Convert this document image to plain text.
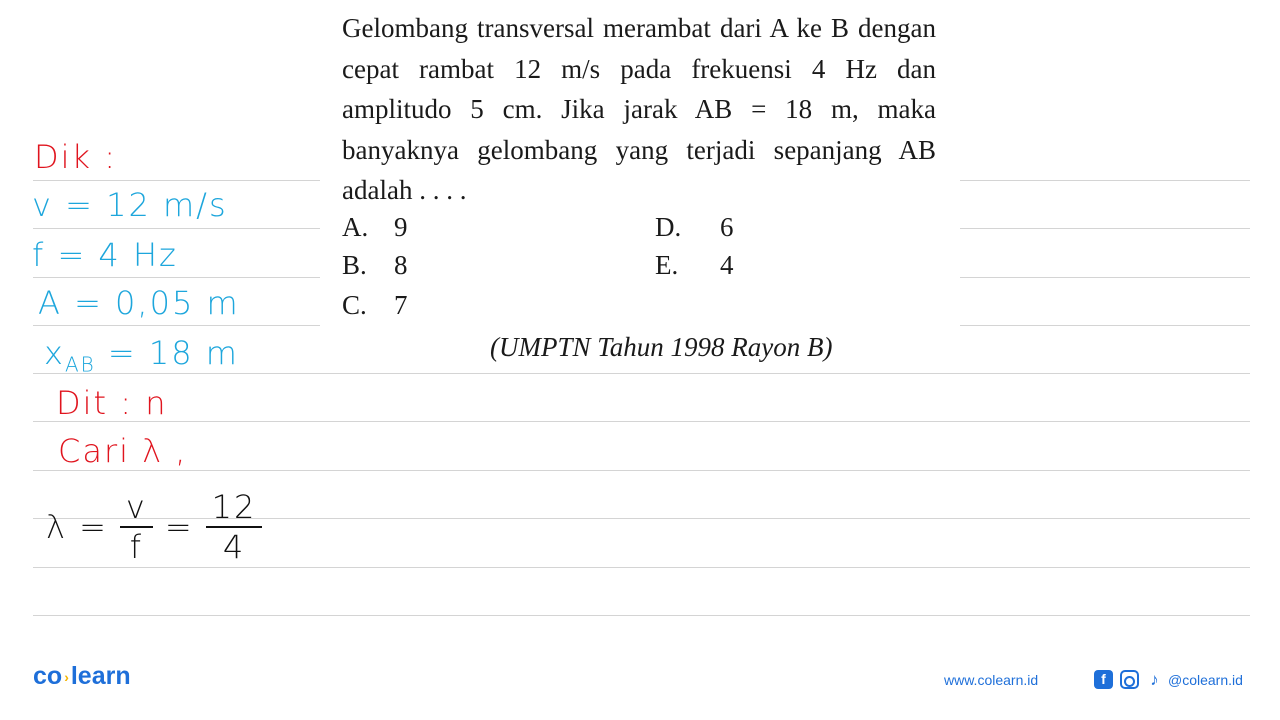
Gelombang transversal merambat dari A ke B dengan cepat rambat 12 m/s pada frekuensi 4 Hz dan amplitudo 5 cm. Jika jarak AB = 18 m, maka banyaknya gelombang yang terjadi sepanjang AB adalah . . . .
A. 9
B. 8
C. 7
D. 6
E. 4
(UMPTN Tahun 1998 Rayon B)
Dik :
v = 12 m/s
f = 4 Hz
A = 0,05 m
$x_{AB} = 18$ m
Dit : n
Cari λ ,
$\lambda = \frac{v}{f} = \frac{12}{4}$
co ›learn	www.colearn.id	f	♪ @colearn.id
